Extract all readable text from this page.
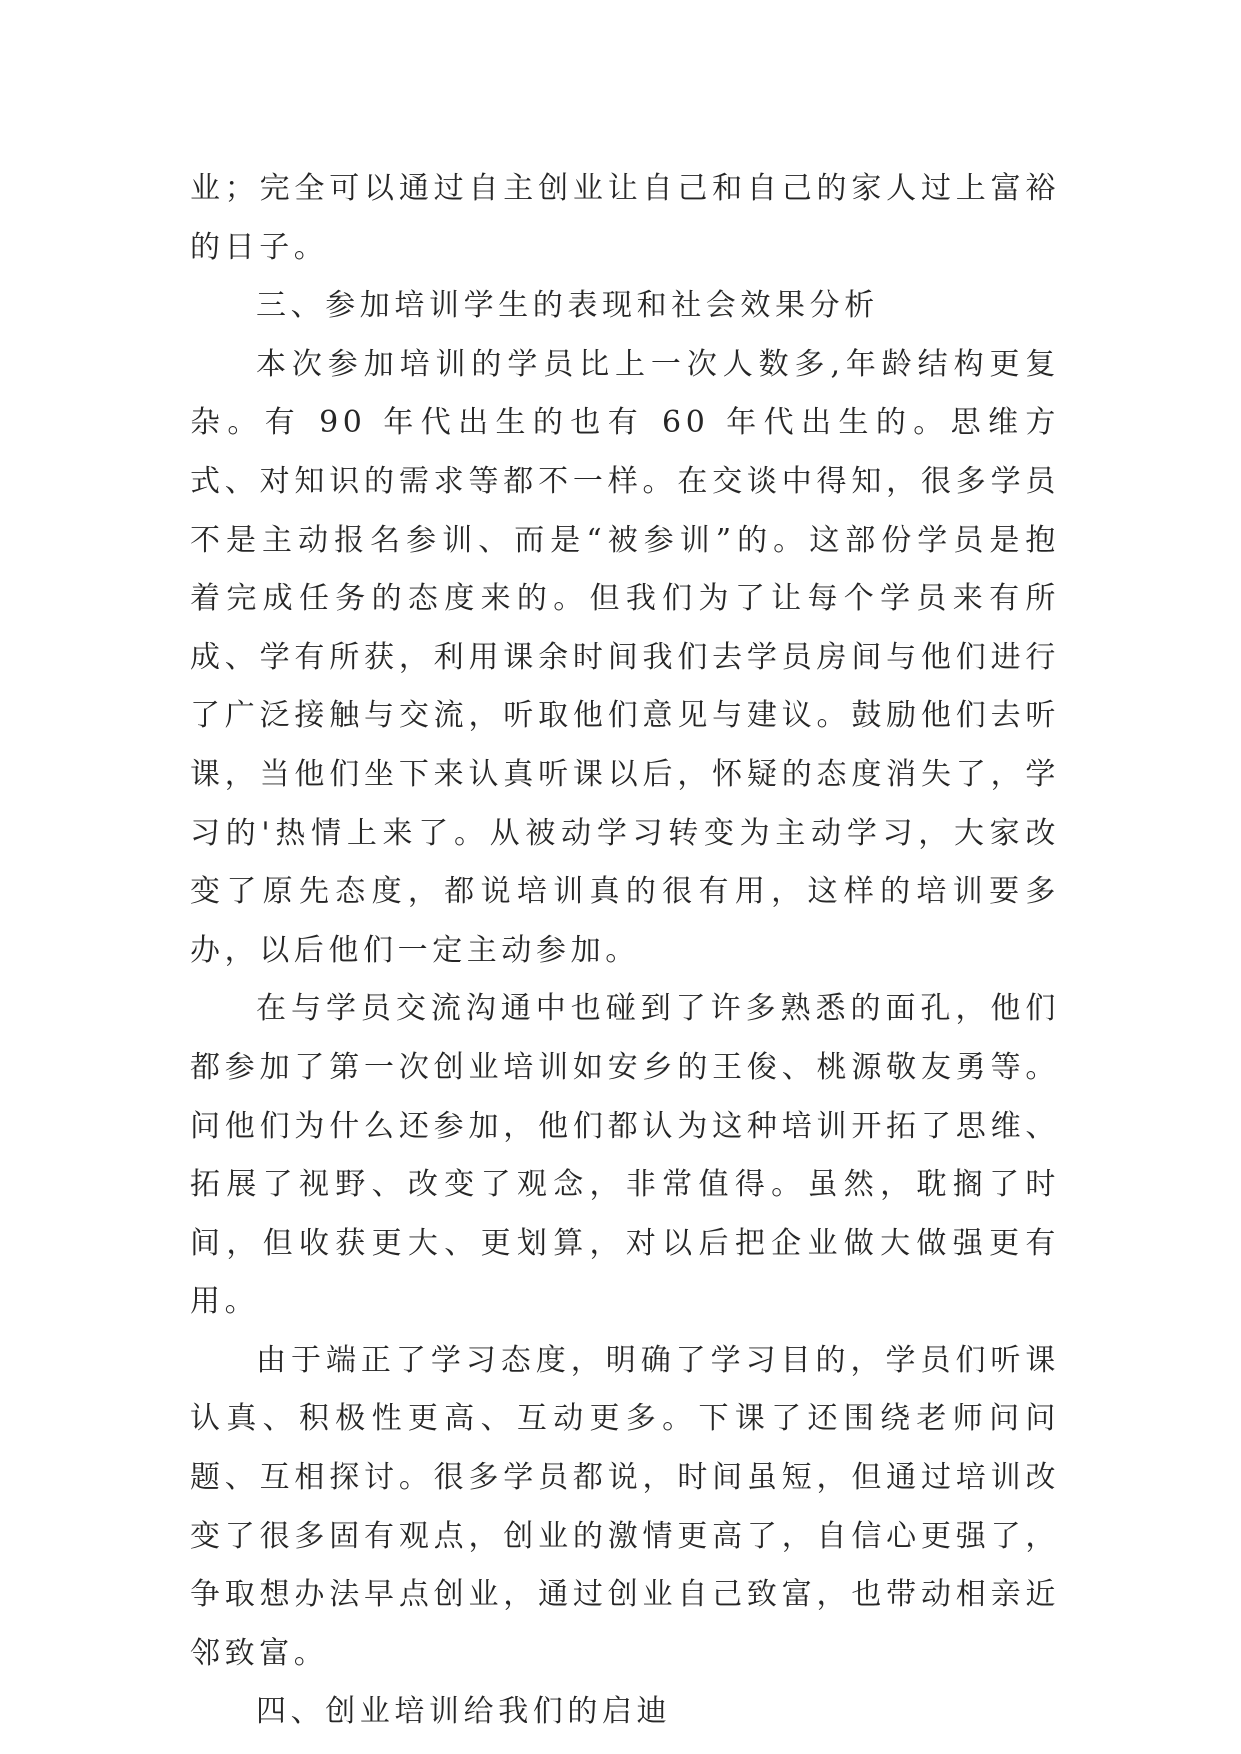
业；完全可以通过自主创业让自己和自己的家人过上富裕的日子。

三、参加培训学生的表现和社会效果分析

本次参加培训的学员比上一次人数多,年龄结构更复杂。有 90 年代出生的也有 60 年代出生的。思维方式、对知识的需求等都不一样。在交谈中得知，很多学员不是主动报名参训、而是“被参训”的。这部份学员是抱着完成任务的态度来的。但我们为了让每个学员来有所成、学有所获，利用课余时间我们去学员房间与他们进行了广泛接触与交流，听取他们意见与建议。鼓励他们去听课，当他们坐下来认真听课以后，怀疑的态度消失了，学习的'热情上来了。从被动学习转变为主动学习，大家改变了原先态度，都说培训真的很有用，这样的培训要多办，以后他们一定主动参加。

在与学员交流沟通中也碰到了许多熟悉的面孔，他们都参加了第一次创业培训如安乡的王俊、桃源敬友勇等。问他们为什么还参加，他们都认为这种培训开拓了思维、拓展了视野、改变了观念，非常值得。虽然，耽搁了时间，但收获更大、更划算，对以后把企业做大做强更有用。

由于端正了学习态度，明确了学习目的，学员们听课认真、积极性更高、互动更多。下课了还围绕老师问问题、互相探讨。很多学员都说，时间虽短，但通过培训改变了很多固有观点，创业的激情更高了，自信心更强了，争取想办法早点创业，通过创业自己致富，也带动相亲近邻致富。

四、创业培训给我们的启迪
